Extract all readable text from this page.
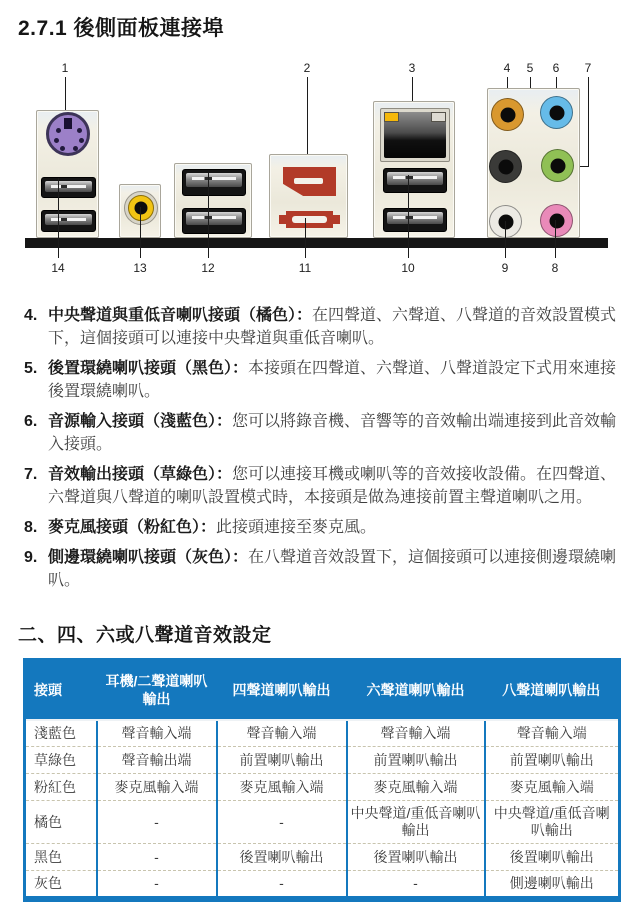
2.7.1 後側面板連接埠
1	2	3	4 5 6 7
14	13	12	11	10	9	8
4. 中央聲道與重低音喇叭接頭（橘色）：在四聲道、六聲道、八聲道的音效設置模式下，這個接頭可以連接中央聲道與重低音喇叭。
5. 後置環繞喇叭接頭（黑色）：本接頭在四聲道、六聲道、八聲道設定下式用來連接後置環繞喇叭。
6. 音源輸入接頭（淺藍色）：您可以將錄音機、音響等的音效輸出端連接到此音效輸入接頭。
7. 音效輸出接頭（草綠色）：您可以連接耳機或喇叭等的音效接收設備。在四聲道、六聲道與八聲道的喇叭設置模式時，本接頭是做為連接前置主聲道喇叭之用。
8. 麥克風接頭（粉紅色）：此接頭連接至麥克風。
9. 側邊環繞喇叭接頭（灰色）：在八聲道音效設置下，這個接頭可以連接側邊環繞喇叭。
二、四、六或八聲道音效設定
接頭	耳機/二聲道喇叭輸出	四聲道喇叭輸出	六聲道喇叭輸出	八聲道喇叭輸出
淺藍色	聲音輸入端	聲音輸入端	聲音輸入端	聲音輸入端
草綠色	聲音輸出端	前置喇叭輸出	前置喇叭輸出	前置喇叭輸出
粉紅色	麥克風輸入端	麥克風輸入端	麥克風輸入端	麥克風輸入端
橘色	-	-	中央聲道/重低音喇叭輸出	中央聲道/重低音喇叭輸出
黑色	-	後置喇叭輸出	後置喇叭輸出	後置喇叭輸出
灰色	-	-	-	側邊喇叭輸出
